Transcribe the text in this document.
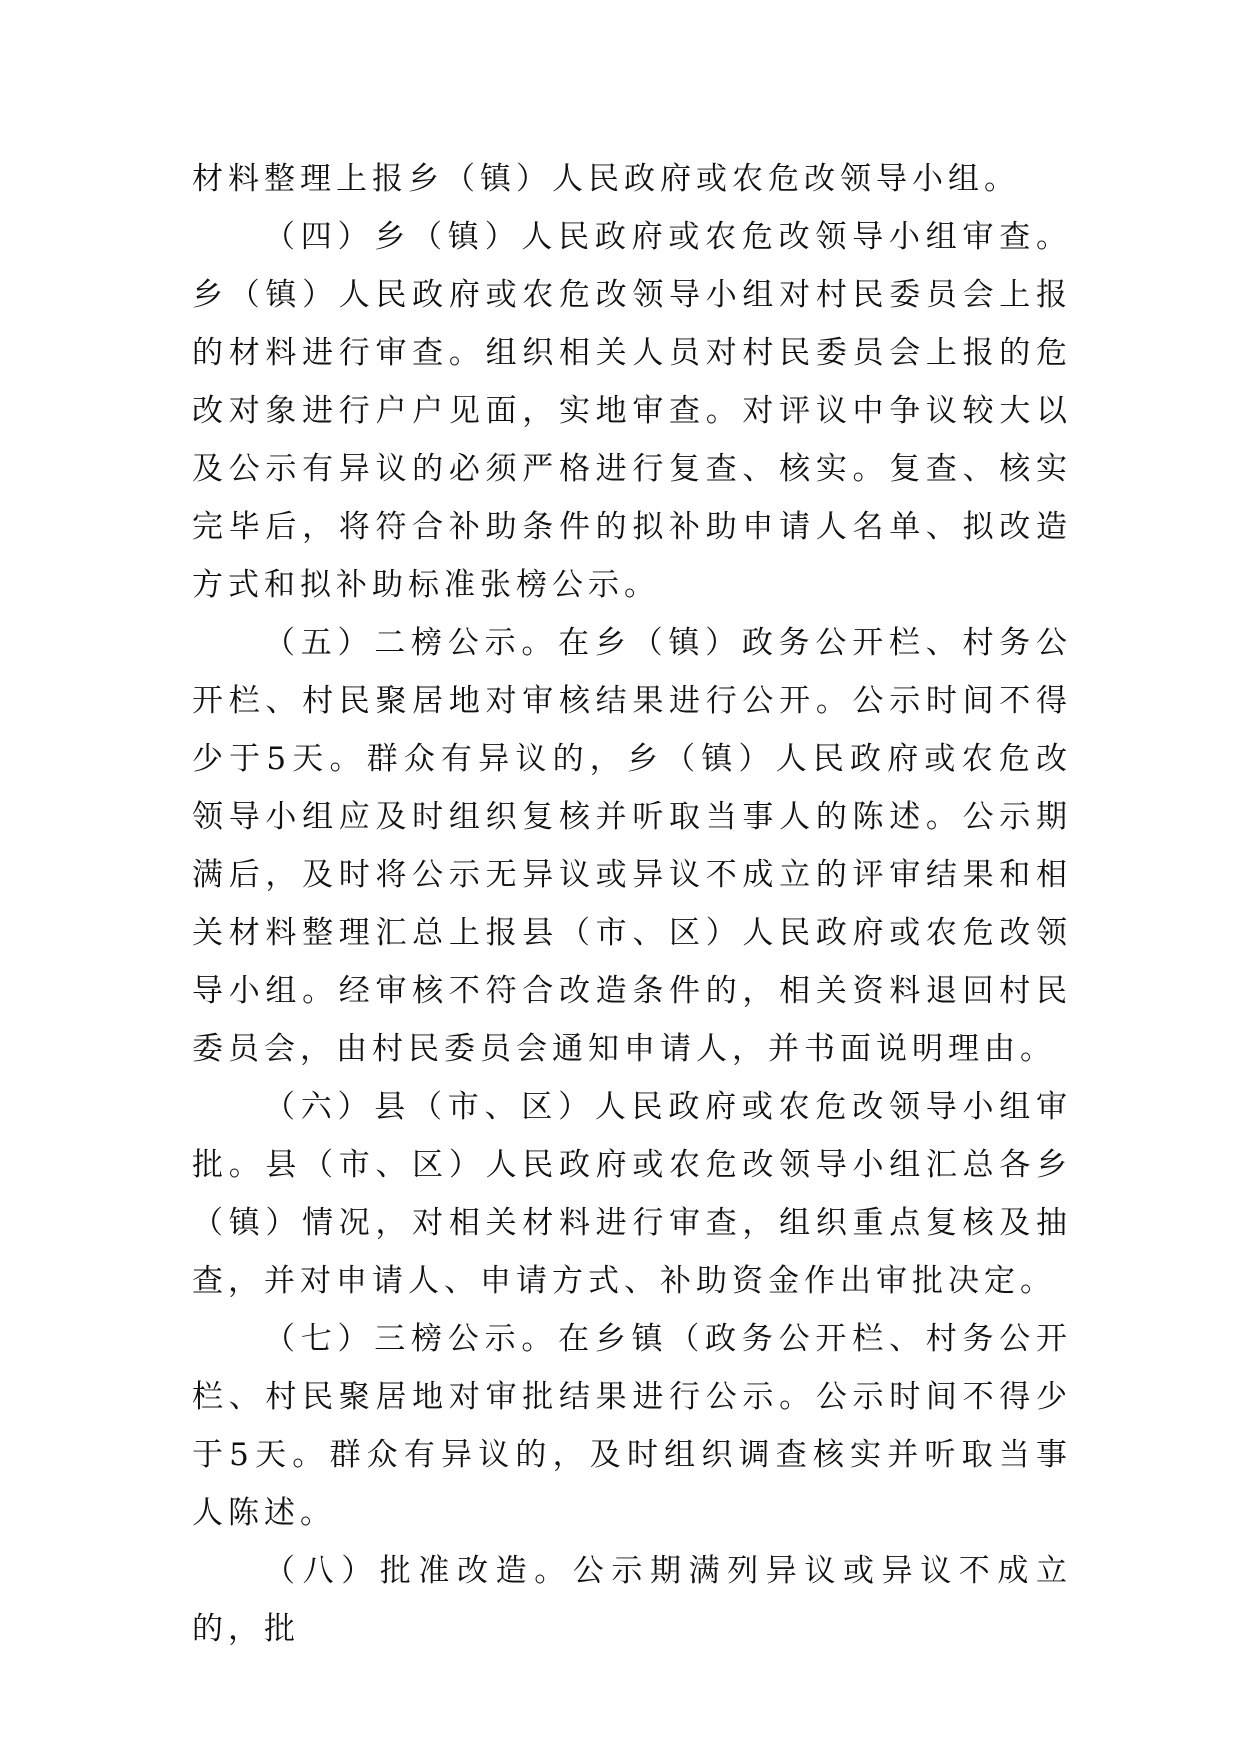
材料整理上报乡（镇）人民政府或农危改领导小组。

（四）乡（镇）人民政府或农危改领导小组审查。乡（镇）人民政府或农危改领导小组对村民委员会上报的材料进行审查。组织相关人员对村民委员会上报的危改对象进行户户见面，实地审查。对评议中争议较大以及公示有异议的必须严格进行复查、核实。复查、核实完毕后，将符合补助条件的拟补助申请人名单、拟改造方式和拟补助标准张榜公示。

（五）二榜公示。在乡（镇）政务公开栏、村务公开栏、村民聚居地对审核结果进行公开。公示时间不得少于5天。群众有异议的，乡（镇）人民政府或农危改领导小组应及时组织复核并听取当事人的陈述。公示期满后，及时将公示无异议或异议不成立的评审结果和相关材料整理汇总上报县（市、区）人民政府或农危改领导小组。经审核不符合改造条件的，相关资料退回村民委员会，由村民委员会通知申请人，并书面说明理由。

（六）县（市、区）人民政府或农危改领导小组审批。县（市、区）人民政府或农危改领导小组汇总各乡（镇）情况，对相关材料进行审查，组织重点复核及抽查，并对申请人、申请方式、补助资金作出审批决定。

（七）三榜公示。在乡镇（政务公开栏、村务公开栏、村民聚居地对审批结果进行公示。公示时间不得少于5天。群众有异议的，及时组织调查核实并听取当事人陈述。

（八）批准改造。公示期满列异议或异议不成立的，批
